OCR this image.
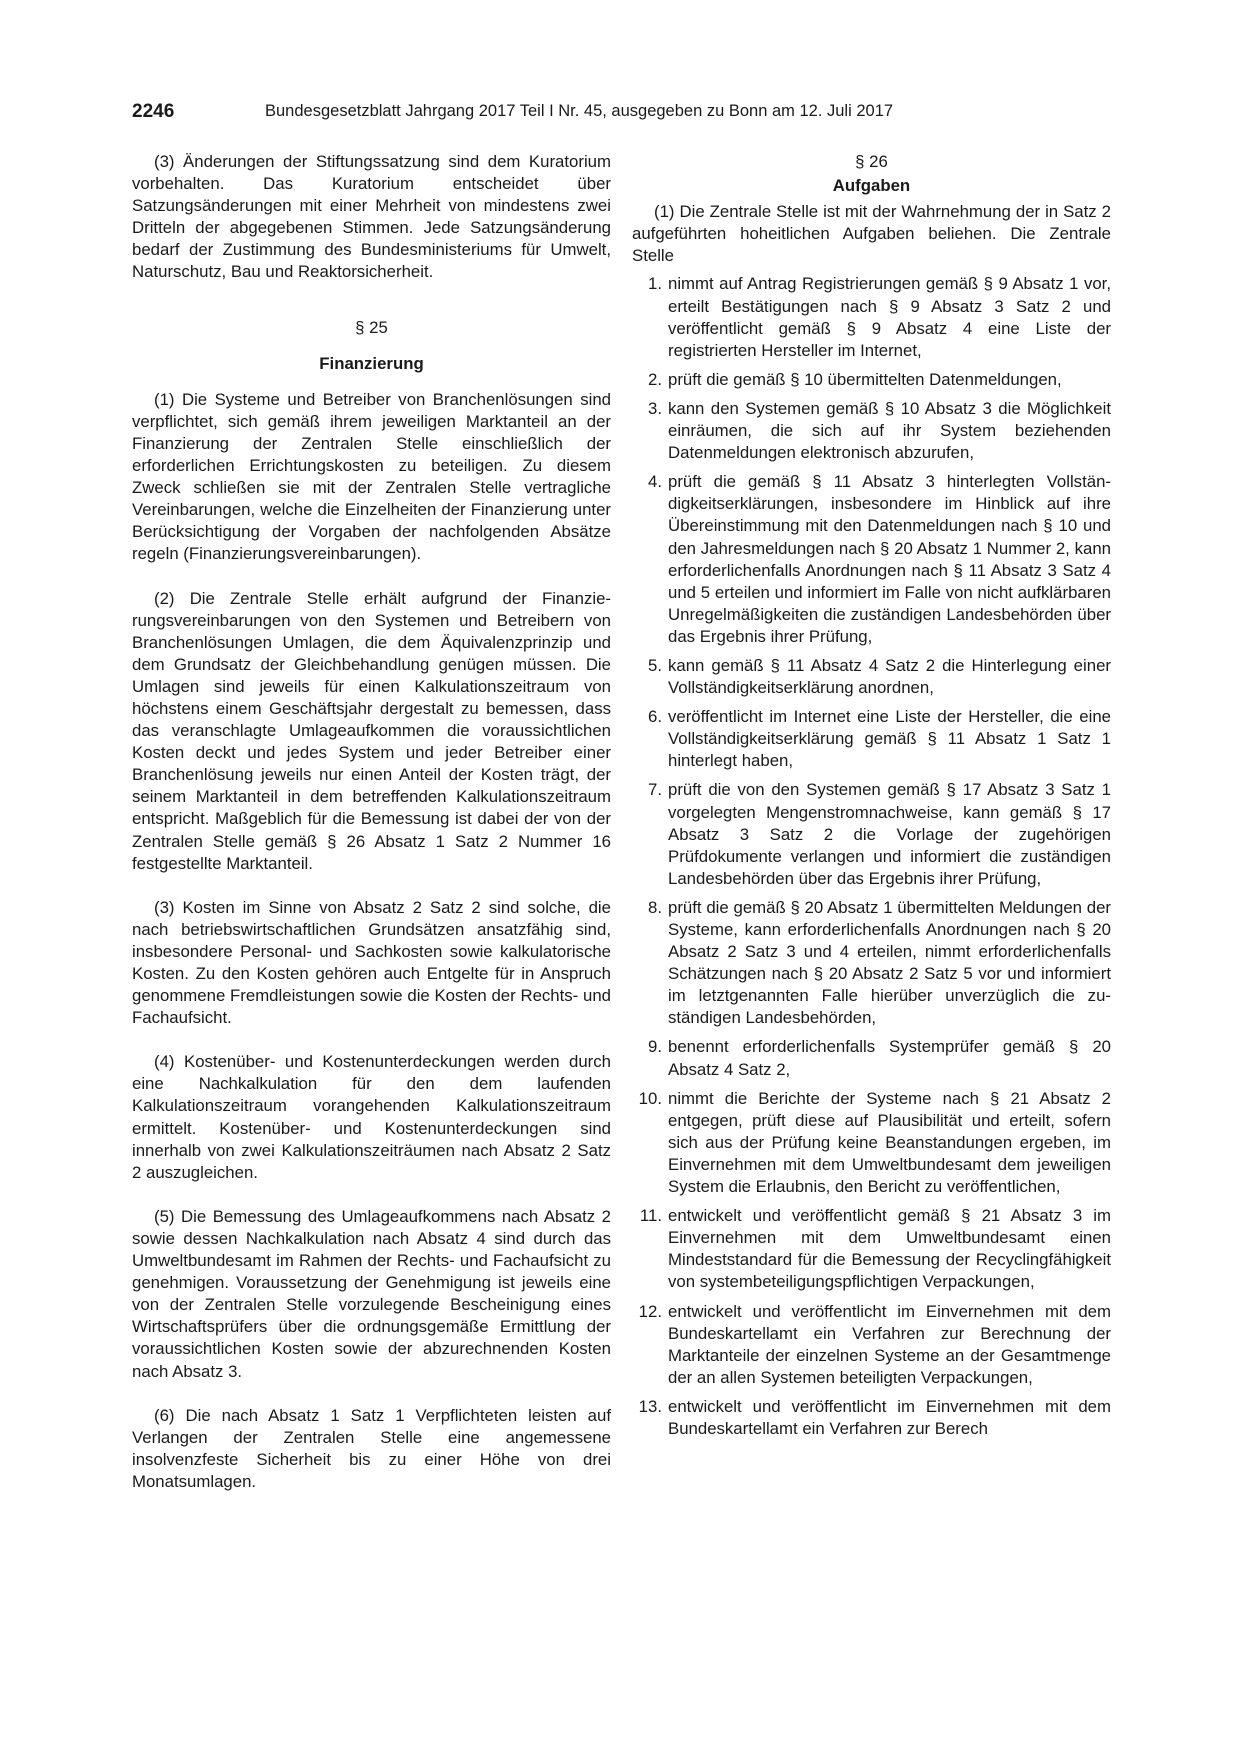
2246	Bundesgesetzblatt Jahrgang 2017 Teil I Nr. 45, ausgegeben zu Bonn am 12. Juli 2017

(3) Änderungen der Stiftungssatzung sind dem Kuratorium vorbehalten. Das Kuratorium entscheidet über Satzungsänderungen mit einer Mehrheit von mindestens zwei Dritteln der abgegebenen Stimmen. Jede Satzungsänderung bedarf der Zustimmung des Bundesministeriums für Umwelt, Naturschutz, Bau und Reaktorsicherheit.

§ 25

Finanzierung

(1) Die Systeme und Betreiber von Branchenlösungen sind verpflichtet, sich gemäß ihrem jeweiligen Marktanteil an der Finanzierung der Zentralen Stelle einschließlich der erforderlichen Errichtungskosten zu beteiligen. Zu diesem Zweck schließen sie mit der Zentralen Stelle vertragliche Vereinbarungen, welche die Einzelheiten der Finanzierung unter Berücksichtigung der Vorgaben der nachfolgenden Absätze regeln (Finanzierungsvereinbarungen).

(2) Die Zentrale Stelle erhält aufgrund der Finanzierungsvereinbarungen von den Systemen und Betreibern von Branchenlösungen Umlagen, die dem Äquivalenzprinzip und dem Grundsatz der Gleichbehandlung genügen müssen. Die Umlagen sind jeweils für einen Kalkulationszeitraum von höchstens einem Geschäftsjahr dergestalt zu bemessen, dass das veranschlagte Umlageaufkommen die voraussichtlichen Kosten deckt und jedes System und jeder Betreiber einer Branchenlösung jeweils nur einen Anteil der Kosten trägt, der seinem Marktanteil in dem betreffenden Kalkulationszeitraum entspricht. Maßgeblich für die Bemessung ist dabei der von der Zentralen Stelle gemäß § 26 Absatz 1 Satz 2 Nummer 16 festgestellte Marktanteil.

(3) Kosten im Sinne von Absatz 2 Satz 2 sind solche, die nach betriebswirtschaftlichen Grundsätzen ansatzfähig sind, insbesondere Personal- und Sachkosten sowie kalkulatorische Kosten. Zu den Kosten gehören auch Entgelte für in Anspruch genommene Fremdleistungen sowie die Kosten der Rechts- und Fachaufsicht.

(4) Kostenüber- und Kostenunterdeckungen werden durch eine Nachkalkulation für den dem laufenden Kalkulationszeitraum vorangehenden Kalkulationszeitraum ermittelt. Kostenüber- und Kostenunterdeckungen sind innerhalb von zwei Kalkulationszeiträumen nach Absatz 2 Satz 2 auszugleichen.

(5) Die Bemessung des Umlageaufkommens nach Absatz 2 sowie dessen Nachkalkulation nach Absatz 4 sind durch das Umweltbundesamt im Rahmen der Rechts- und Fachaufsicht zu genehmigen. Voraussetzung der Genehmigung ist jeweils eine von der Zentralen Stelle vorzulegende Bescheinigung eines Wirtschaftsprüfers über die ordnungsgemäße Ermittlung der voraussichtlichen Kosten sowie der abzurechnenden Kosten nach Absatz 3.

(6) Die nach Absatz 1 Satz 1 Verpflichteten leisten auf Verlangen der Zentralen Stelle eine angemessene insolvenzfeste Sicherheit bis zu einer Höhe von drei Monatsumlagen.

§ 26

Aufgaben

(1) Die Zentrale Stelle ist mit der Wahrnehmung der in Satz 2 aufgeführten hoheitlichen Aufgaben beliehen. Die Zentrale Stelle

1. nimmt auf Antrag Registrierungen gemäß § 9 Absatz 1 vor, erteilt Bestätigungen nach § 9 Absatz 3 Satz 2 und veröffentlicht gemäß § 9 Absatz 4 eine Liste der registrierten Hersteller im Internet,
2. prüft die gemäß § 10 übermittelten Datenmeldungen,
3. kann den Systemen gemäß § 10 Absatz 3 die Möglichkeit einräumen, die sich auf ihr System beziehenden Datenmeldungen elektronisch abzurufen,
4. prüft die gemäß § 11 Absatz 3 hinterlegten Vollständigkeitserklärungen, insbesondere im Hinblick auf ihre Übereinstimmung mit den Datenmeldungen nach § 10 und den Jahresmeldungen nach § 20 Absatz 1 Nummer 2, kann erforderlichenfalls Anordnungen nach § 11 Absatz 3 Satz 4 und 5 erteilen und informiert im Falle von nicht aufklärbaren Unregelmäßigkeiten die zuständigen Landesbehörden über das Ergebnis ihrer Prüfung,
5. kann gemäß § 11 Absatz 4 Satz 2 die Hinterlegung einer Vollständigkeitserklärung anordnen,
6. veröffentlicht im Internet eine Liste der Hersteller, die eine Vollständigkeitserklärung gemäß § 11 Absatz 1 Satz 1 hinterlegt haben,
7. prüft die von den Systemen gemäß § 17 Absatz 3 Satz 1 vorgelegten Mengenstromnachweise, kann gemäß § 17 Absatz 3 Satz 2 die Vorlage der zugehörigen Prüfdokumente verlangen und informiert die zuständigen Landesbehörden über das Ergebnis ihrer Prüfung,
8. prüft die gemäß § 20 Absatz 1 übermittelten Meldungen der Systeme, kann erforderlichenfalls Anordnungen nach § 20 Absatz 2 Satz 3 und 4 erteilen, nimmt erforderlichenfalls Schätzungen nach § 20 Absatz 2 Satz 5 vor und informiert im letztgenannten Falle hierüber unverzüglich die zuständigen Landesbehörden,
9. benennt erforderlichenfalls Systemprüfer gemäß § 20 Absatz 4 Satz 2,
10. nimmt die Berichte der Systeme nach § 21 Absatz 2 entgegen, prüft diese auf Plausibilität und erteilt, sofern sich aus der Prüfung keine Beanstandungen ergeben, im Einvernehmen mit dem Umweltbundesamt dem jeweiligen System die Erlaubnis, den Bericht zu veröffentlichen,
11. entwickelt und veröffentlicht gemäß § 21 Absatz 3 im Einvernehmen mit dem Umweltbundesamt einen Mindeststandard für die Bemessung der Recyclingfähigkeit von systembeteiligungspflichtigen Verpackungen,
12. entwickelt und veröffentlicht im Einvernehmen mit dem Bundeskartellamt ein Verfahren zur Berechnung der Marktanteile der einzelnen Systeme an der Gesamtmenge der an allen Systemen beteiligten Verpackungen,
13. entwickelt und veröffentlicht im Einvernehmen mit dem Bundeskartellamt ein Verfahren zur Berech
